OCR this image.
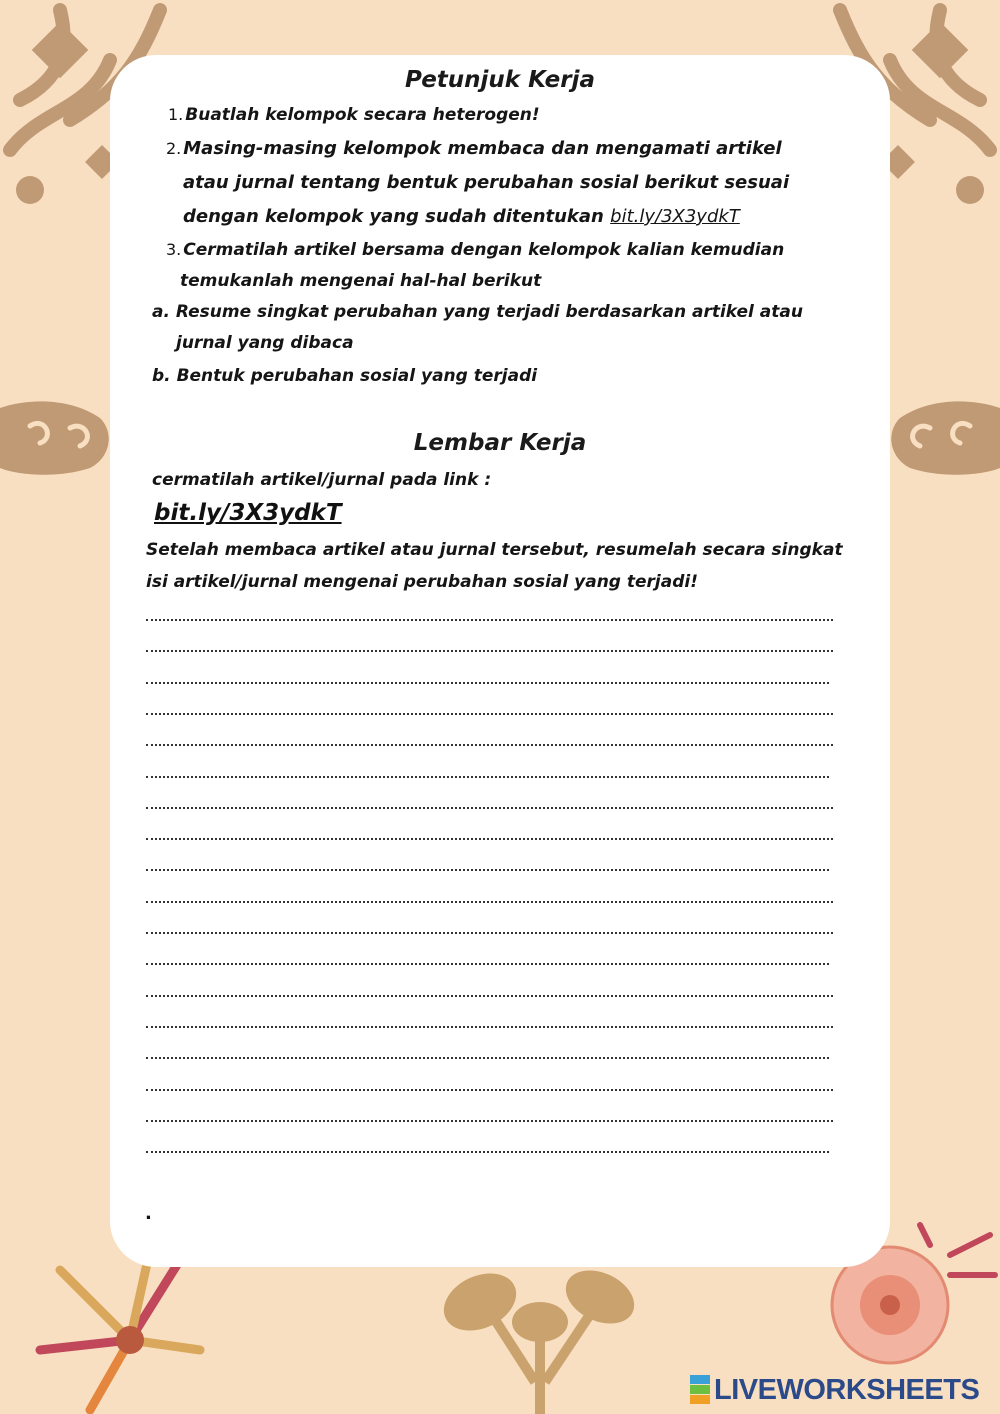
Petunjuk Kerja
1. Buatlah kelompok secara heterogen!
2. Masing-masing kelompok membaca dan mengamati artikel
atau jurnal tentang bentuk perubahan sosial berikut sesuai
dengan kelompok yang sudah ditentukan bit.ly/3X3ydkT
3. Cermatilah artikel bersama dengan kelompok kalian kemudian
temukanlah mengenai hal-hal berikut
a. Resume singkat perubahan yang terjadi berdasarkan artikel atau
jurnal yang dibaca
b. Bentuk perubahan sosial yang terjadi
Lembar Kerja
cermatilah artikel/jurnal pada link :
bit.ly/3X3ydkT
Setelah membaca artikel atau jurnal tersebut, resumelah secara singkat
isi artikel/jurnal mengenai perubahan sosial yang terjadi!
.
LIVEWORKSHEETS
